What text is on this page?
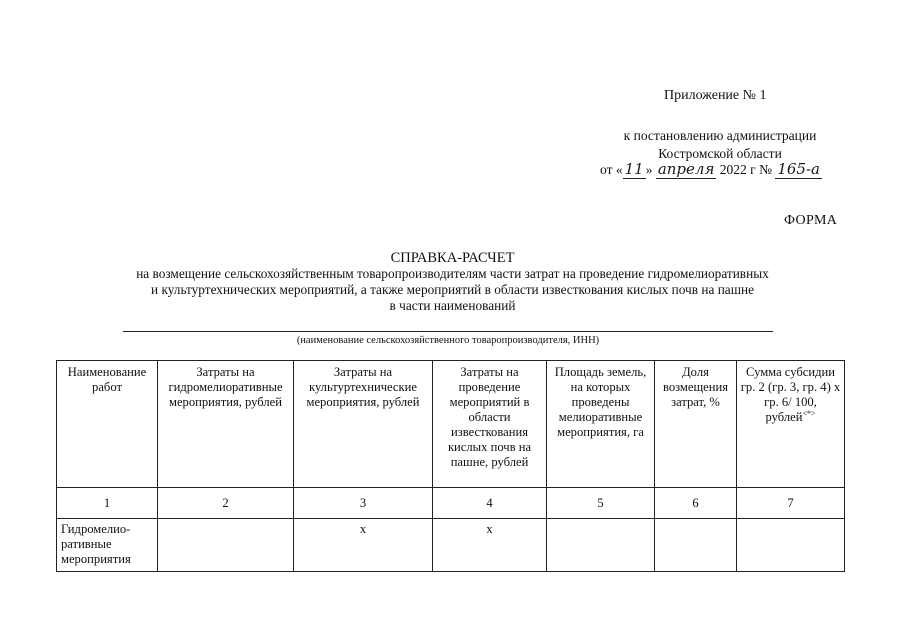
Приложение № 1
к постановлению администрации
Костромской области
от « 11 » апреля 2022 г № 165-а
ФОРМА
СПРАВКА-РАСЧЕТ
на возмещение сельскохозяйственным товаропроизводителям части затрат на проведение гидромелиоративных
и культуртехнических мероприятий, а также мероприятий в области известкования кислых почв на пашне
в части наименований
(наименование сельскохозяйственного товаропроизводителя, ИНН)
Наименование работ	Затраты на гидромелиоративные мероприятия, рублей	Затраты на культуртехнические мероприятия, рублей	Затраты на проведение мероприятий в области известкования кислых почв на пашне, рублей	Площадь земель, на которых проведены мелиоративные мероприятия, га	Доля возмещения затрат, %	Сумма субсидии гр. 2 (гр. 3, гр. 4) x гр. 6/ 100, рублей<*>
1	2	3	4	5	6	7
Гидромелио-ративные мероприятия		х	х			
